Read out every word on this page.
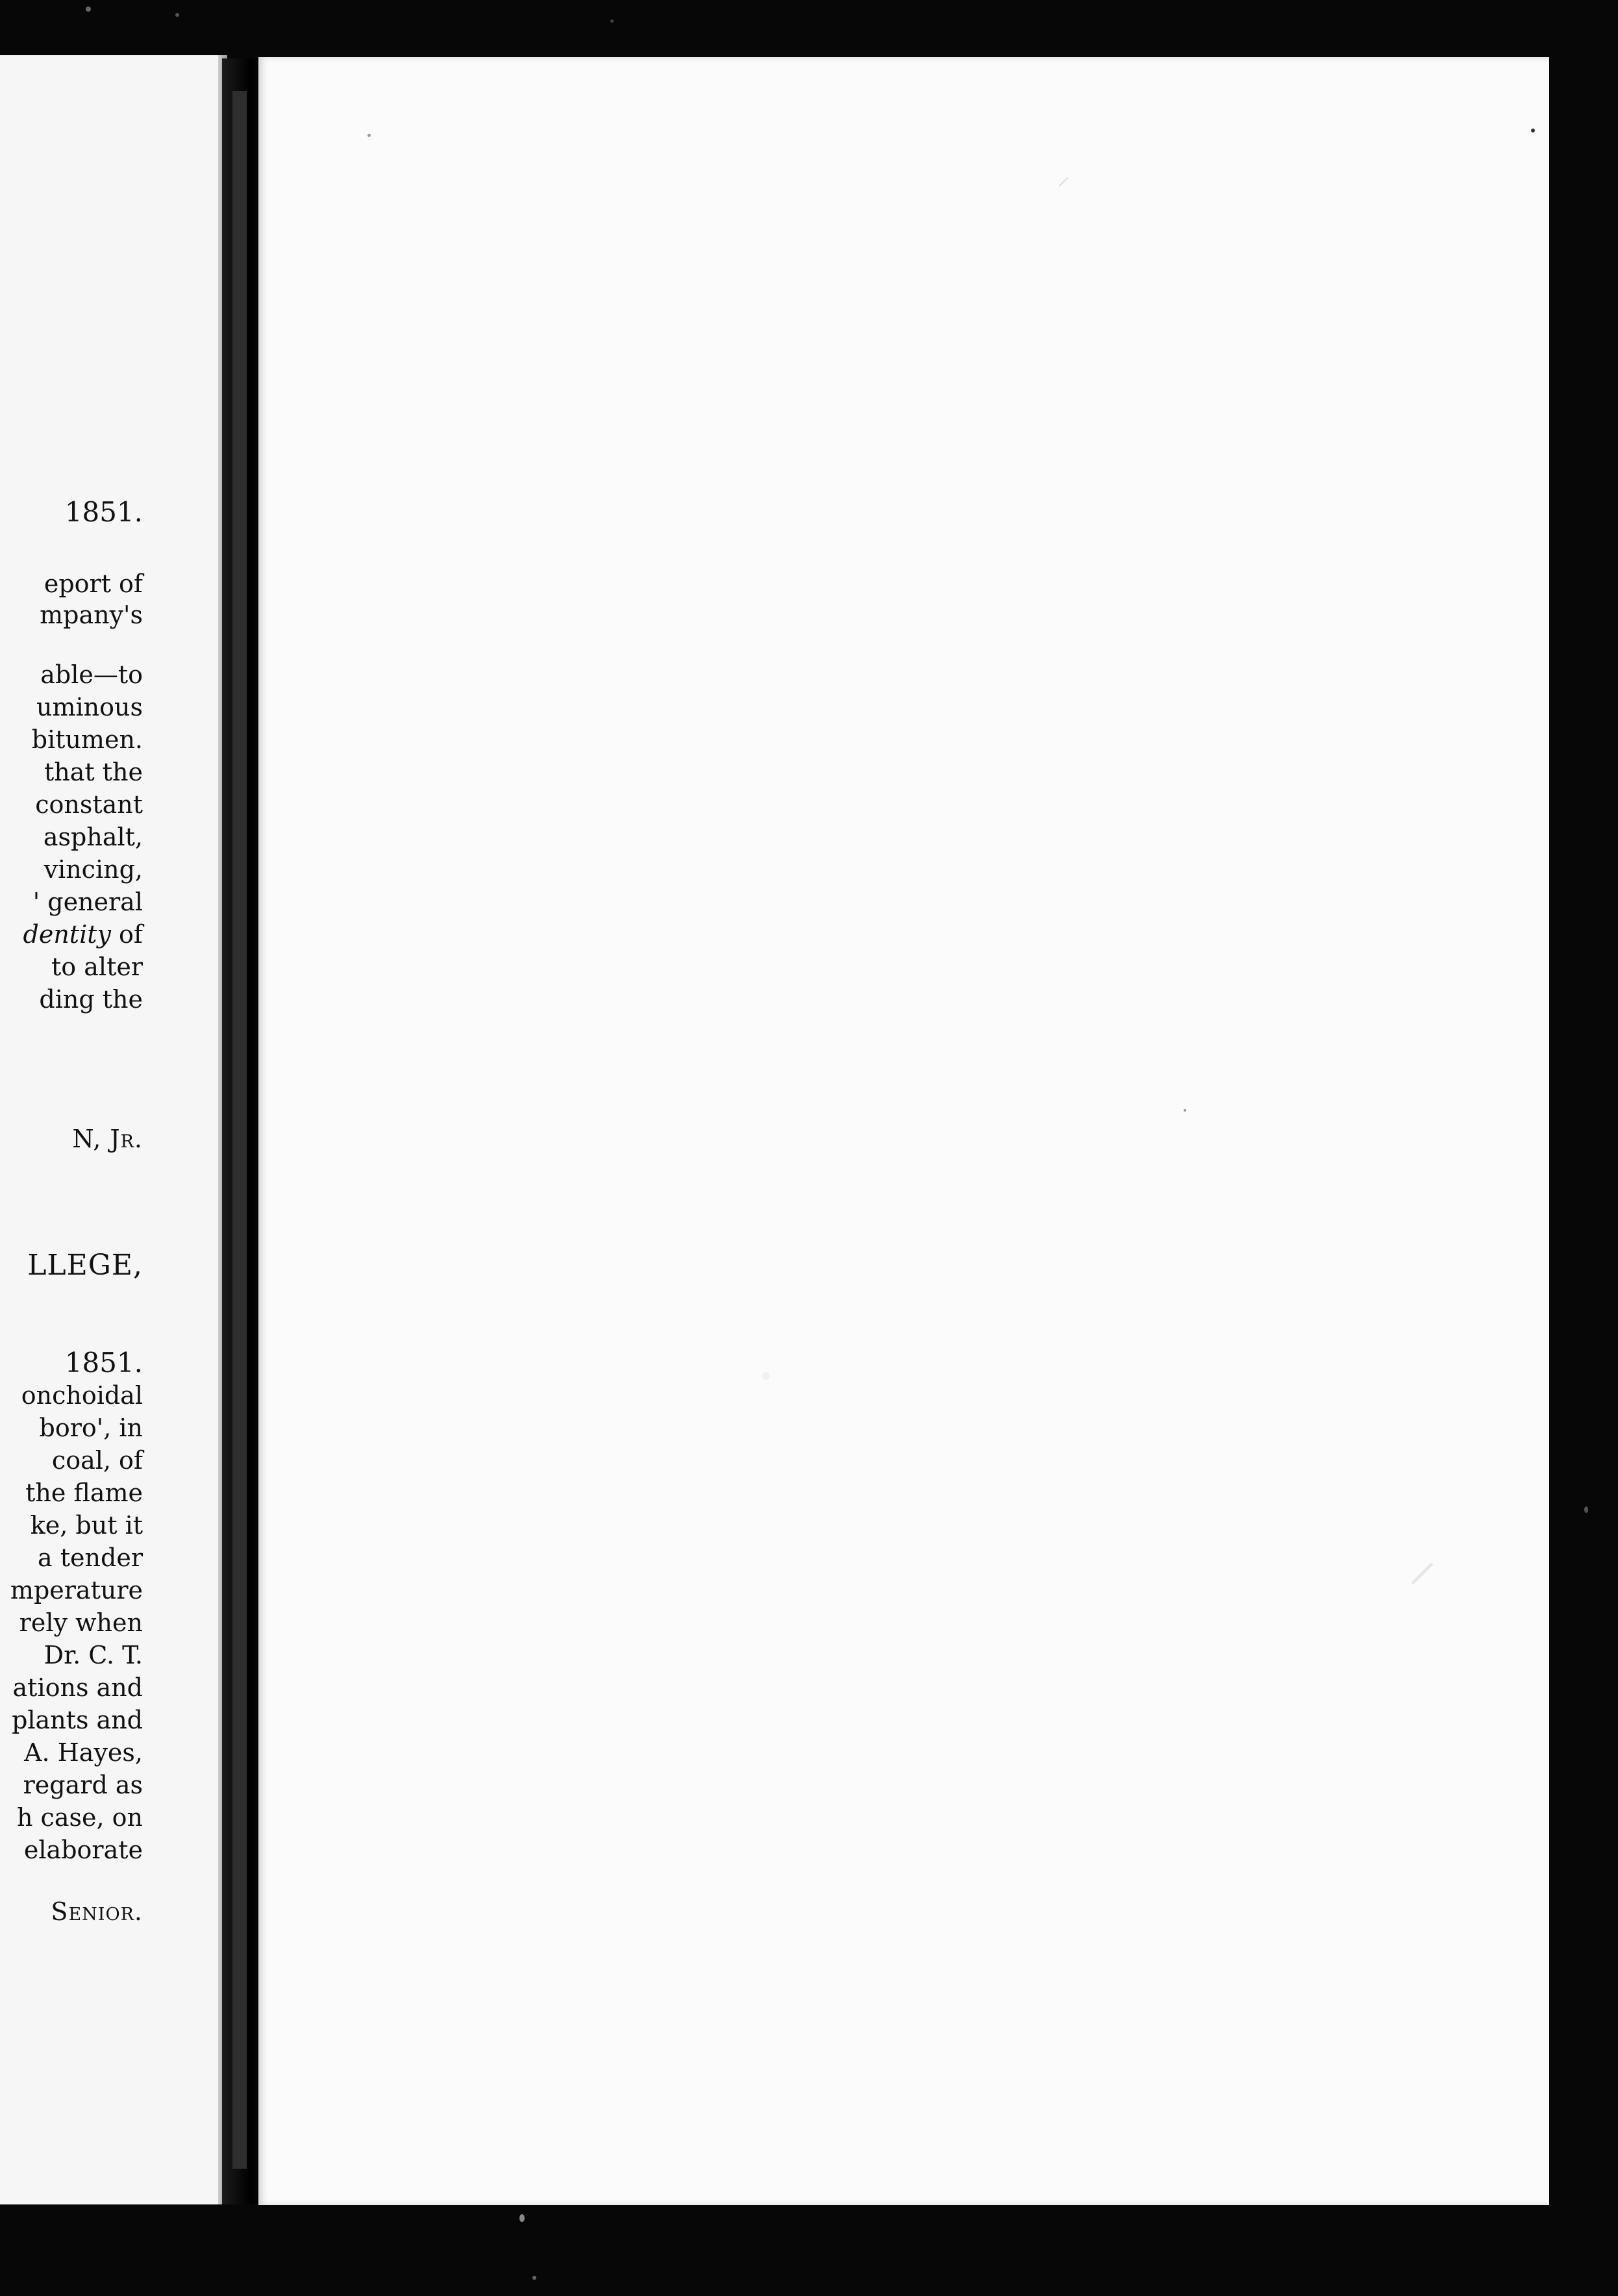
1851.
eport of
mpany's
able—to
uminous
bitumen.
that the
constant
asphalt,
vincing,
' general
dentity of
to alter
ding the
N, Jr.
LLEGE,
1851.
onchoidal
boro', in
coal, of
the flame
ke, but it
a tender
mperature
rely when
Dr. C. T.
ations and
plants and
A. Hayes,
regard as
h case, on
elaborate
Senior.
⸍
⸝
•
